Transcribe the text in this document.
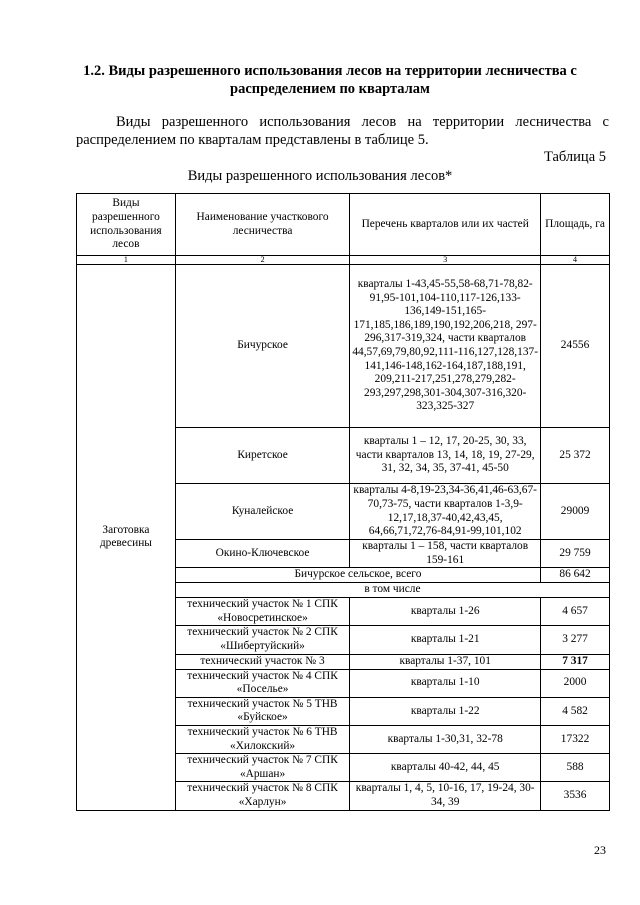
1.2. Виды разрешенного использования лесов на территории лесничества с распределением по кварталам
Виды разрешенного использования лесов на территории лесничества с распределением по кварталам представлены в таблице 5.
Таблица 5
Виды разрешенного использования лесов*
Виды разрешенного использования лесов	Наименование участкового лесничества	Перечень кварталов или их частей	Площадь, га
1	2	3	4
Заготовка древесины	Бичурское	кварталы 1-43,45-55,58-68,71-78,82-91,95-101,104-110,117-126,133-136,149-151,165-171,185,186,189,190,192,206,218, 297-296,317-319,324, части кварталов 44,57,69,79,80,92,111-116,127,128,137-141,146-148,162-164,187,188,191, 209,211-217,251,278,279,282-293,297,298,301-304,307-316,320-323,325-327	24556
	Киретское	кварталы 1 – 12, 17, 20-25, 30, 33, части кварталов 13, 14, 18, 19, 27-29, 31, 32, 34, 35, 37-41, 45-50	25 372
	Куналейское	кварталы 4-8,19-23,34-36,41,46-63,67-70,73-75, части кварталов 1-3,9-12,17,18,37-40,42,43,45, 64,66,71,72,76-84,91-99,101,102	29009
	Окино-Ключевское	кварталы 1 – 158, части кварталов 159-161	29 759
	Бичурское сельское, всего		86 642
	в том числе		
	технический участок № 1 СПК «Новосретинское»	кварталы 1-26	4 657
	технический участок № 2 СПК «Шибертуйский»	кварталы 1-21	3 277
	технический участок № 3	кварталы 1-37, 101	7 317
	технический участок № 4 СПК «Поселье»	кварталы 1-10	2000
	технический участок № 5 ТНВ «Буйское»	кварталы 1-22	4 582
	технический участок № 6 ТНВ «Хилокский»	кварталы 1-30,31, 32-78	17322
	технический участок № 7 СПК «Аршан»	кварталы 40-42, 44, 45	588
	технический участок № 8 СПК «Харлун»	кварталы 1, 4, 5, 10-16, 17, 19-24, 30-34, 39	3536
23
